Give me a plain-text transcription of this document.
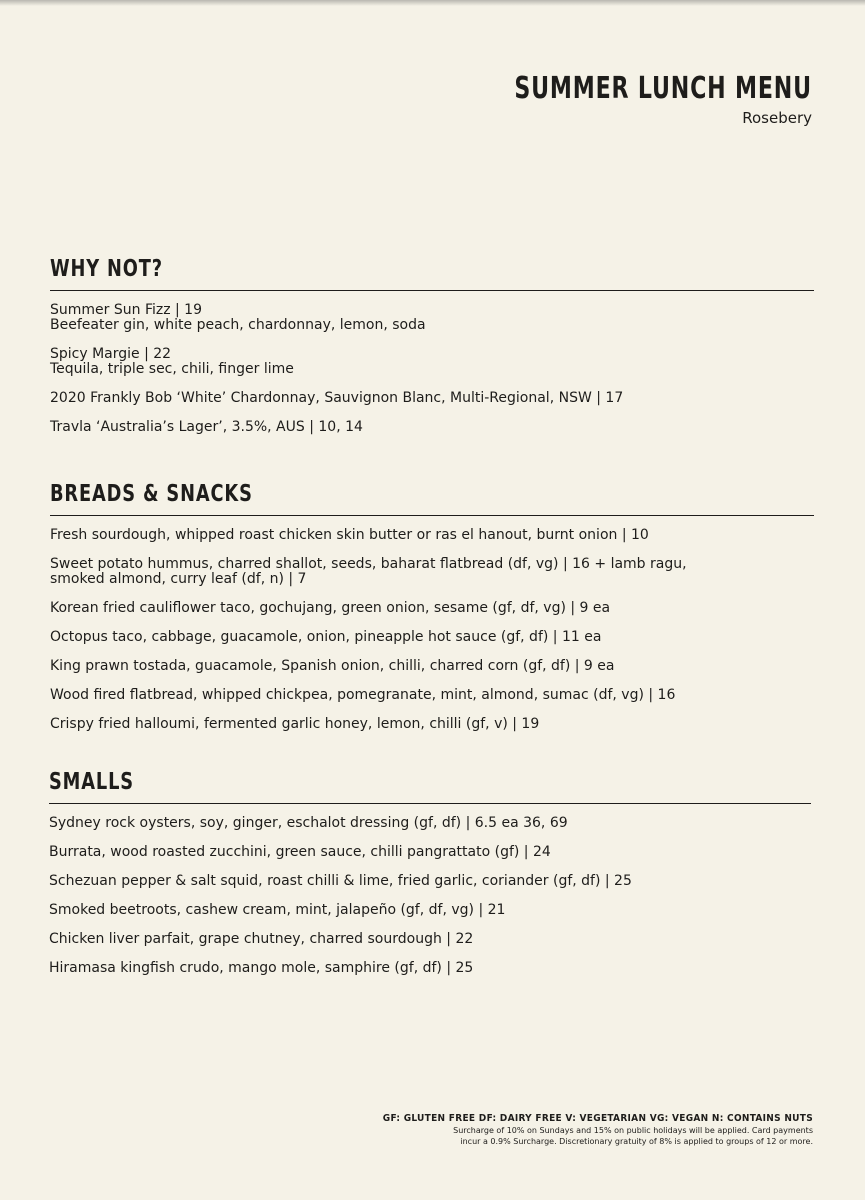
SUMMER LUNCH MENU
Rosebery
WHY NOT?
Summer Sun Fizz | 19
Beefeater gin, white peach, chardonnay, lemon, soda
Spicy Margie | 22
Tequila, triple sec, chili, finger lime
2020 Frankly Bob ‘White’ Chardonnay, Sauvignon Blanc, Multi-Regional, NSW | 17
Travla ‘Australia’s Lager’, 3.5%, AUS | 10, 14
BREADS & SNACKS
Fresh sourdough, whipped roast chicken skin butter or ras el hanout, burnt onion | 10
Sweet potato hummus, charred shallot, seeds, baharat flatbread (df, vg) | 16 + lamb ragu,
smoked almond, curry leaf (df, n) | 7
Korean fried cauliflower taco, gochujang, green onion, sesame (gf, df, vg) | 9 ea
Octopus taco, cabbage, guacamole, onion, pineapple hot sauce (gf, df) | 11 ea
King prawn tostada, guacamole, Spanish onion, chilli, charred corn (gf, df) | 9 ea
Wood fired flatbread, whipped chickpea, pomegranate, mint, almond, sumac (df, vg) | 16
Crispy fried halloumi, fermented garlic honey, lemon, chilli (gf, v) | 19
SMALLS
Sydney rock oysters, soy, ginger, eschalot dressing (gf, df) | 6.5 ea 36, 69
Burrata, wood roasted zucchini, green sauce, chilli pangrattato (gf) | 24
Schezuan pepper & salt squid, roast chilli & lime, fried garlic, coriander (gf, df) | 25
Smoked beetroots, cashew cream, mint, jalapeño (gf, df, vg) | 21
Chicken liver parfait, grape chutney, charred sourdough | 22
Hiramasa kingfish crudo, mango mole, samphire (gf, df) | 25
GF: GLUTEN FREE DF: DAIRY FREE V: VEGETARIAN VG: VEGAN N: CONTAINS NUTS
Surcharge of 10% on Sundays and 15% on public holidays will be applied. Card payments
incur a 0.9% Surcharge. Discretionary gratuity of 8% is applied to groups of 12 or more.
